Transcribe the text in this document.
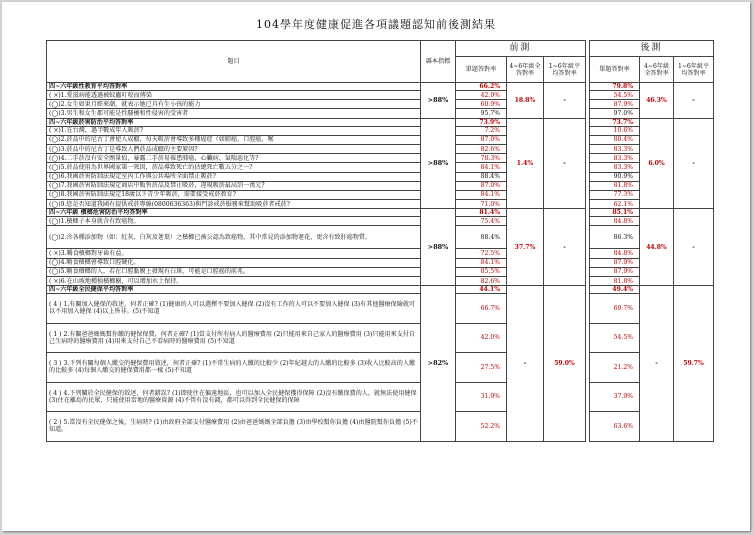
104學年度健康促進各項議題認知前後測結果
題目	縣本指標	前測				後測		
		單題答對率	4~6年級全答對率	1~6年級平均答對率		單題答對率	4~6年級全答對率	1~6年級平均答對率
四~六年級性教育平均答對率	>88%	66.2%	18.8%	-		79.8%	46.3%	-
( ×)1.愛滋病能透過被蚊蟲叮咬而傳染		42.0%				54.5%		
(◯)2.女生如果月經來潮，就表示她已具有生小孩的能力		60.9%				87.9%		
(◯)3.男生和女生都可能是性騷擾和性侵害的受害者		95.7%				97.0%		
四~六年級菸害防治平均答對率	>88%	73.9%	1.4%	-		73.7%	6.0%	-
( ×)1.在台灣，過半數成年人吸菸?		7.2%				10.6%		
(◯)2.菸品中的尼古丁會使人成癮，每天吸菸會導致多種癌症（如肺癌、口腔癌、喉		87.0%				80.4%		
(◯)3.菸品中的尼古丁是導致人們菸品成癮的主要原因?		82.6%				83.3%		
(◯)4.二手菸沒有安全劑量值，暴露二手菸易罹患肺癌、心臟病、氣喘惡化等?		78.3%				83.3%		
(◯)5.菸品使用為世界國家第一死因，菸品導致死亡的估總死亡數五分之一?		84.1%				83.3%		
(◯)6.我國菸害防制法規定室內工作與公共場所全面禁止吸菸?		88.4%				90.9%		
(◯)7.我國菸害防制法規定商店中販售菸品及禁止吸菸，違規吸菸最高罰一萬元?		87.0%				81.8%		
(◯)8.我國菸害防制法規定18歲以下青少年吸菸，需要接受戒菸教育?		84.1%				77.3%		
(◯)9.您是否知道我國有提供戒菸專線(0800636363)與門診戒菸服務來幫助吸菸者戒菸?		71.0%				62.1%		
四~六年級 檳榔危害防治平均答對率	>88%	81.4%	37.7%	-		85.1%	44.8%	-
(◯)1.檳榔子本身就含有致癌物。		75.4%				84.8%		
(◯)2.含各種添加物（如：紅灰、白灰及荖葉）之檳榔已被公認為致癌物，其中常見的添加物荖花，更含有致肝癌物質。		88.4%				86.3%		
( ×)3.嚼食檳榔對牙齒有益。		72.5%				84.8%		
(◯)4.嚼食檳榔會導致口腔硬化。		84.1%				87.9%		
(◯)5.嚼食檳榔的人，若在口腔黏膜上發現有白斑，可能是口腔癌的前兆。		85.5%				87.9%		
( ×)6.在山坡地種植檳榔樹，可以增加水土保持。		82.6%				81.8%		
四~六年級全民健保平均答對率	>82%	44.1%	-	59.0%		49.4%	-	59.7%
( 4 ) 1.有關加入健保的敘述，何者正確? (1)健康的人可以選擇不要加入健保 (2)沒有工作的人可以不要加入健保 (3)有其他醫療保險就可以不用加入健保 (4)以上皆非。(5)不知道		66.7%				69.7%		
( 1 ) 2.有關爸爸媽媽幫你繳的健保保費，何者正確? (1)當支付所有病人的醫療費用 (2)只能用來自己家人的醫療費用 (3)只能用來支付自己生病時的醫療費用 (4)用來支付自己不看病時的醫療費用 (5)不知道		42.0%				54.5%		
( 3 ) 3.下列有關每個人繳交的健保費用敘述，何者正確? (1)不常生病的人繳的比較少 (2)年紀越大的人繳的比較多 (3)收入比較高的人繳的比較多 (4)每個人繳交的健保費用都一樣 (5)不知道		27.5%				21.2%		
( 4 ) 4.下列關於全民健保的敘述，何者錯誤? (1)即使住在偏遠地區，也可以加入全民健保獲得保障 (2)沒有繳保費的人，就無法使用健保 (3)住在離島的民眾，只能使用當地的醫療資源 (4)不管有沒有錢，都可以得到全民健保的保障		31.9%				37.9%		
( 2 ) 5.當沒有全民健保之後，生病時? (1)由政府全部支付醫療費用 (2)由爸爸媽媽全部負擔 (3)由學校幫你負擔 (4)由醫院幫你負擔 (5)不知道。		52.2%				63.6%		
